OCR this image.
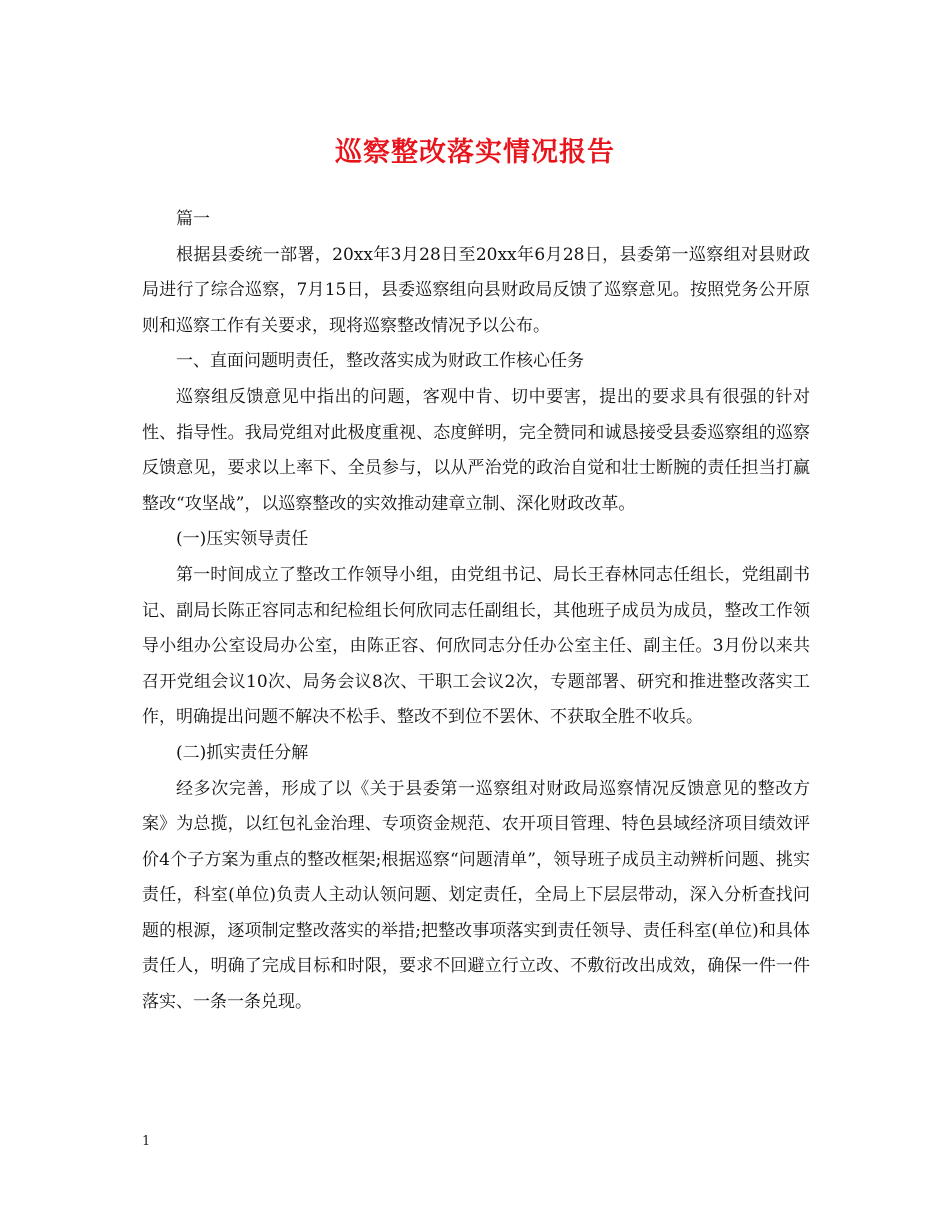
巡察整改落实情况报告

篇一

根据县委统一部署，20xx年3月28日至20xx年6月28日，县委第一巡察组对县财政局进行了综合巡察，7月15日，县委巡察组向县财政局反馈了巡察意见。按照党务公开原则和巡察工作有关要求，现将巡察整改情况予以公布。

一、直面问题明责任，整改落实成为财政工作核心任务

巡察组反馈意见中指出的问题，客观中肯、切中要害，提出的要求具有很强的针对性、指导性。我局党组对此极度重视、态度鲜明，完全赞同和诚恳接受县委巡察组的巡察反馈意见，要求以上率下、全员参与，以从严治党的政治自觉和壮士断腕的责任担当打赢整改“攻坚战”，以巡察整改的实效推动建章立制、深化财政改革。

(一)压实领导责任

第一时间成立了整改工作领导小组，由党组书记、局长王春林同志任组长，党组副书记、副局长陈正容同志和纪检组长何欣同志任副组长，其他班子成员为成员，整改工作领导小组办公室设局办公室，由陈正容、何欣同志分任办公室主任、副主任。3月份以来共召开党组会议10次、局务会议8次、干职工会议2次，专题部署、研究和推进整改落实工作，明确提出问题不解决不松手、整改不到位不罢休、不获取全胜不收兵。

(二)抓实责任分解

经多次完善，形成了以《关于县委第一巡察组对财政局巡察情况反馈意见的整改方案》为总揽，以红包礼金治理、专项资金规范、农开项目管理、特色县域经济项目绩效评价4个子方案为重点的整改框架;根据巡察“问题清单”，领导班子成员主动辨析问题、挑实责任，科室(单位)负责人主动认领问题、划定责任，全局上下层层带动，深入分析查找问题的根源，逐项制定整改落实的举措;把整改事项落实到责任领导、责任科室(单位)和具体责任人，明确了完成目标和时限，要求不回避立行立改、不敷衍改出成效，确保一件一件落实、一条一条兑现。

1
